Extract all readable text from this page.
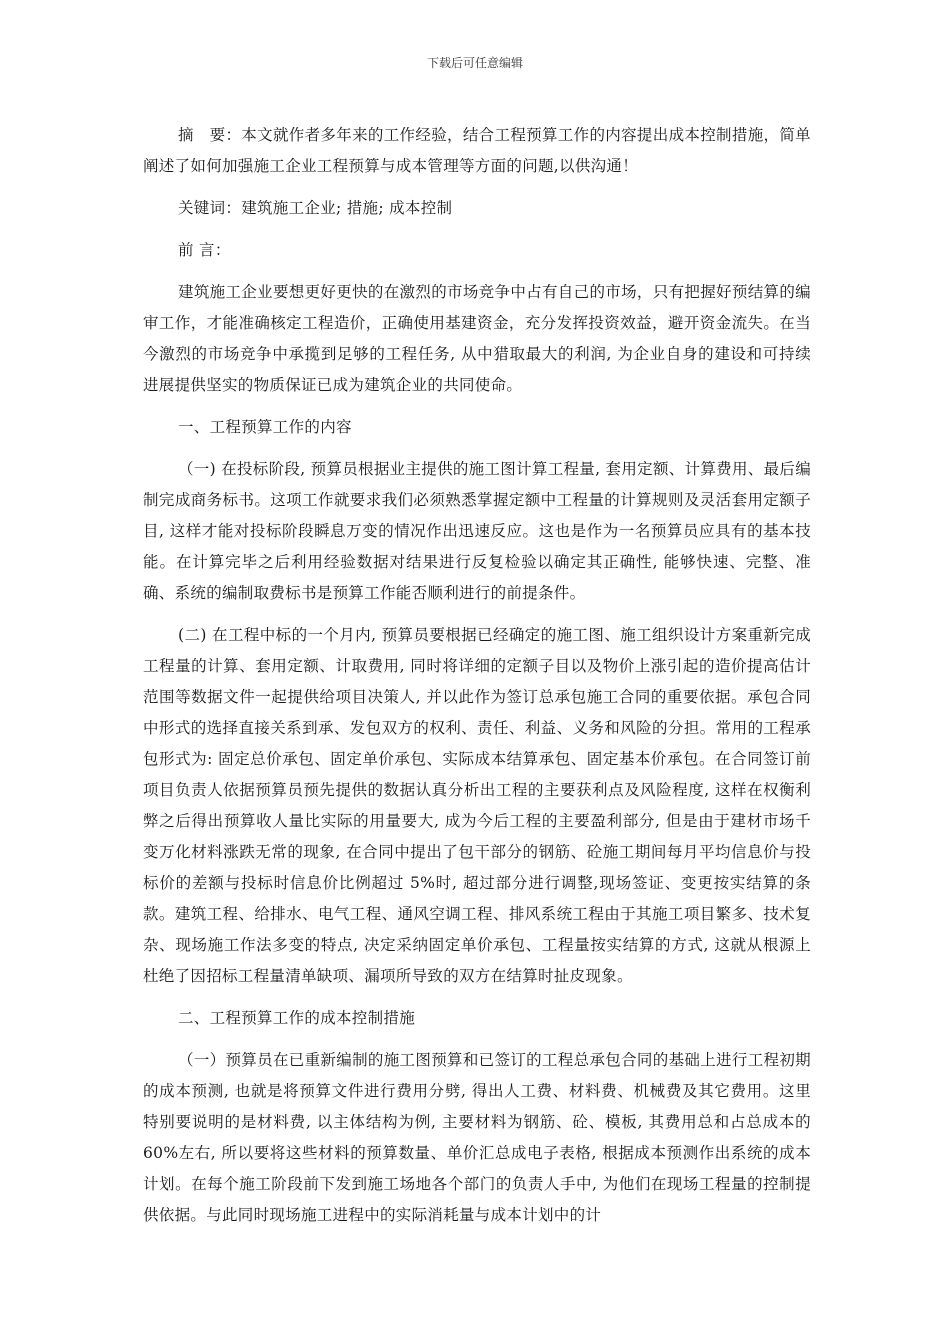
下载后可任意编辑

摘　要：本文就作者多年来的工作经验，结合工程预算工作的内容提出成本控制措施，简单阐述了如何加强施工企业工程预算与成本管理等方面的问题,以供沟通！

关键词：建筑施工企业; 措施; 成本控制

前 言：

建筑施工企业要想更好更快的在激烈的市场竞争中占有自己的市场，只有把握好预结算的编审工作，才能准确核定工程造价，正确使用基建资金，充分发挥投资效益，避开资金流失。在当今激烈的市场竞争中承揽到足够的工程任务, 从中猎取最大的利润, 为企业自身的建设和可持续进展提供坚实的物质保证已成为建筑企业的共同使命。

一、工程预算工作的内容

（一) 在投标阶段, 预算员根据业主提供的施工图计算工程量, 套用定额、计算费用、最后编制完成商务标书。这项工作就要求我们必须熟悉掌握定额中工程量的计算规则及灵活套用定额子目, 这样才能对投标阶段瞬息万变的情况作出迅速反应。这也是作为一名预算员应具有的基本技能。在计算完毕之后利用经验数据对结果进行反复检验以确定其正确性, 能够快速、完整、准确、系统的编制取费标书是预算工作能否顺利进行的前提条件。

(二) 在工程中标的一个月内, 预算员要根据已经确定的施工图、施工组织设计方案重新完成工程量的计算、套用定额、计取费用, 同时将详细的定额子目以及物价上涨引起的造价提高估计范围等数据文件一起提供给项目决策人, 并以此作为签订总承包施工合同的重要依据。承包合同中形式的选择直接关系到承、发包双方的权利、责任、利益、义务和风险的分担。常用的工程承包形式为: 固定总价承包、固定单价承包、实际成本结算承包、固定基本价承包。在合同签订前项目负责人依据预算员预先提供的数据认真分析出工程的主要获利点及风险程度, 这样在权衡利弊之后得出预算收人量比实际的用量要大, 成为今后工程的主要盈利部分, 但是由于建材市场千变万化材料涨跌无常的现象, 在合同中提出了包干部分的钢筋、砼施工期间每月平均信息价与投标价的差额与投标时信息价比例超过 5%时, 超过部分进行调整,现场签证、变更按实结算的条款。建筑工程、给排水、电气工程、通风空调工程、排风系统工程由于其施工项目繁多、技术复杂、现场施工作法多变的特点, 决定采纳固定单价承包、工程量按实结算的方式, 这就从根源上杜绝了因招标工程量清单缺项、漏项所导致的双方在结算时扯皮现象。

二、工程预算工作的成本控制措施

（一）预算员在已重新编制的施工图预算和已签订的工程总承包合同的基础上进行工程初期的成本预测, 也就是将预算文件进行费用分劈, 得出人工费、材料费、机械费及其它费用。这里特别要说明的是材料费, 以主体结构为例, 主要材料为钢筋、砼、模板, 其费用总和占总成本的 60%左右, 所以要将这些材料的预算数量、单价汇总成电子表格, 根据成本预测作出系统的成本计划。在每个施工阶段前下发到施工场地各个部门的负责人手中, 为他们在现场工程量的控制提供依据。与此同时现场施工进程中的实际消耗量与成本计划中的计
